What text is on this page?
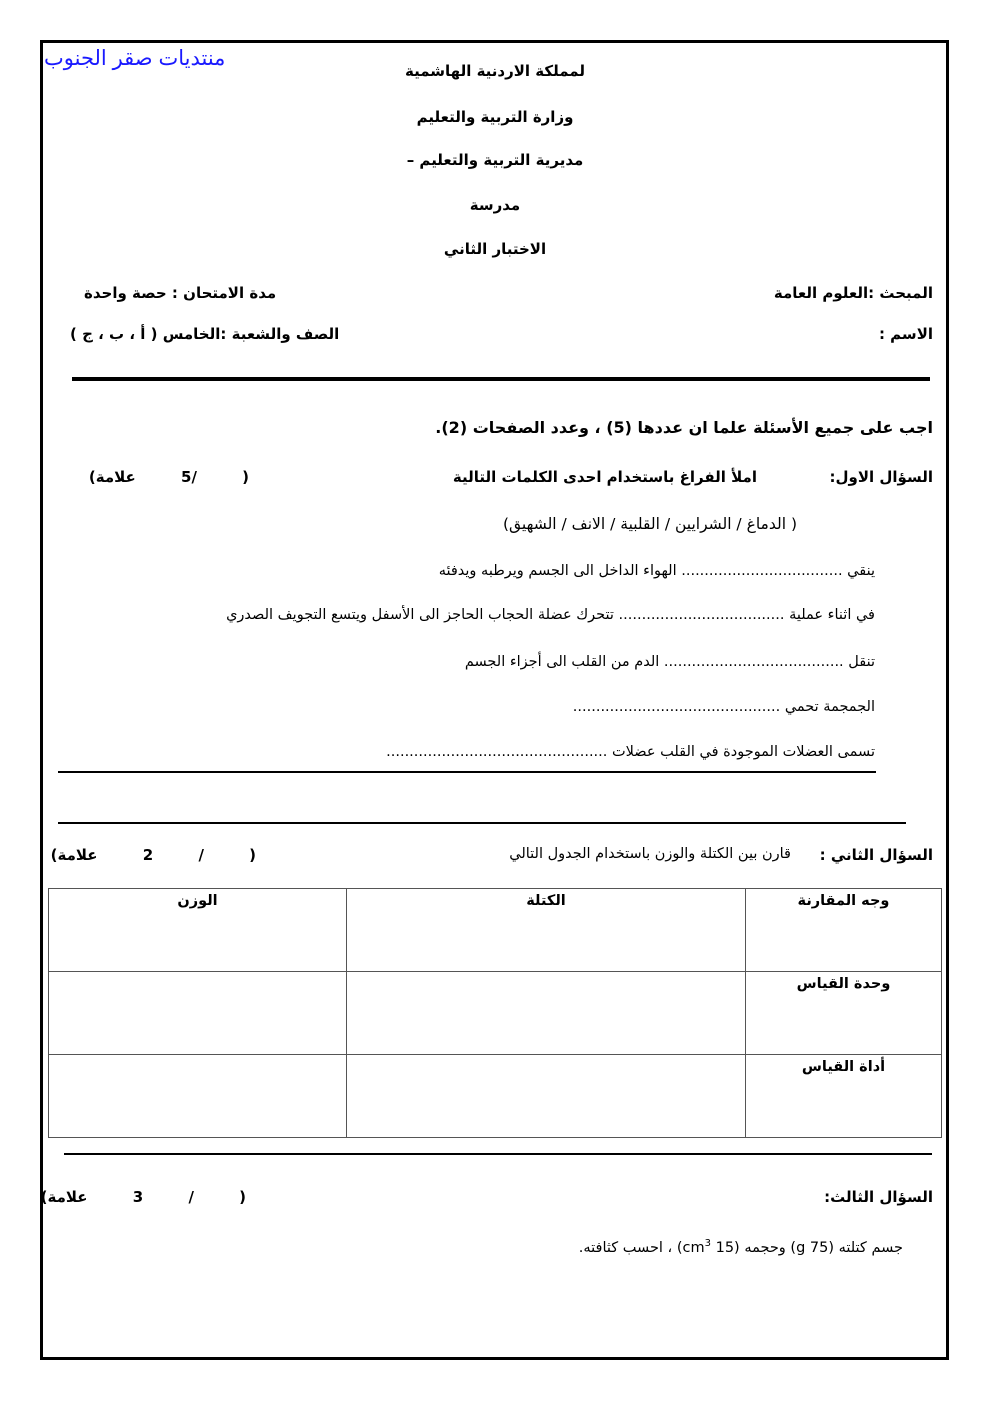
منتديات صقر الجنوب
لمملكة الاردنية الهاشمية
وزارة التربية والتعليم
مديرية التربية والتعليم –
مدرسة
الاختبار الثاني
المبحث :العلوم العامة
مدة الامتحان : حصة واحدة
الاسم :
الصف والشعبة :الخامس ( أ ، ب ، ج )
اجب على جميع الأسئلة علما ان عددها (5) ، وعدد الصفحات (2).
السؤال الاول:
املأ الفراغ باستخدام احدى الكلمات التالية
( /5 علامة)
( الدماغ / الشرايين / القلبية / الانف / الشهيق)
ينقي ................................... الهواء الداخل الى الجسم ويرطبه ويدفئه
في اثناء عملية .................................... تتحرك عضلة الحجاب الحاجز الى الأسفل ويتسع التجويف الصدري
تنقل ....................................... الدم من القلب الى أجزاء الجسم
الجمجمة تحمي .............................................
تسمى العضلات الموجودة في القلب عضلات ................................................
السؤال الثاني :
قارن بين الكتلة والوزن باستخدام الجدول التالي
( / 2 علامة)
وجه المقارنة	الكتلة	الوزن
وحدة القياس		
أداة القياس		
السؤال الثالث:
( / 3 علامة)
جسم كتلته (75 g) وحجمه (15 $cm^3$) ، احسب كثافته.
